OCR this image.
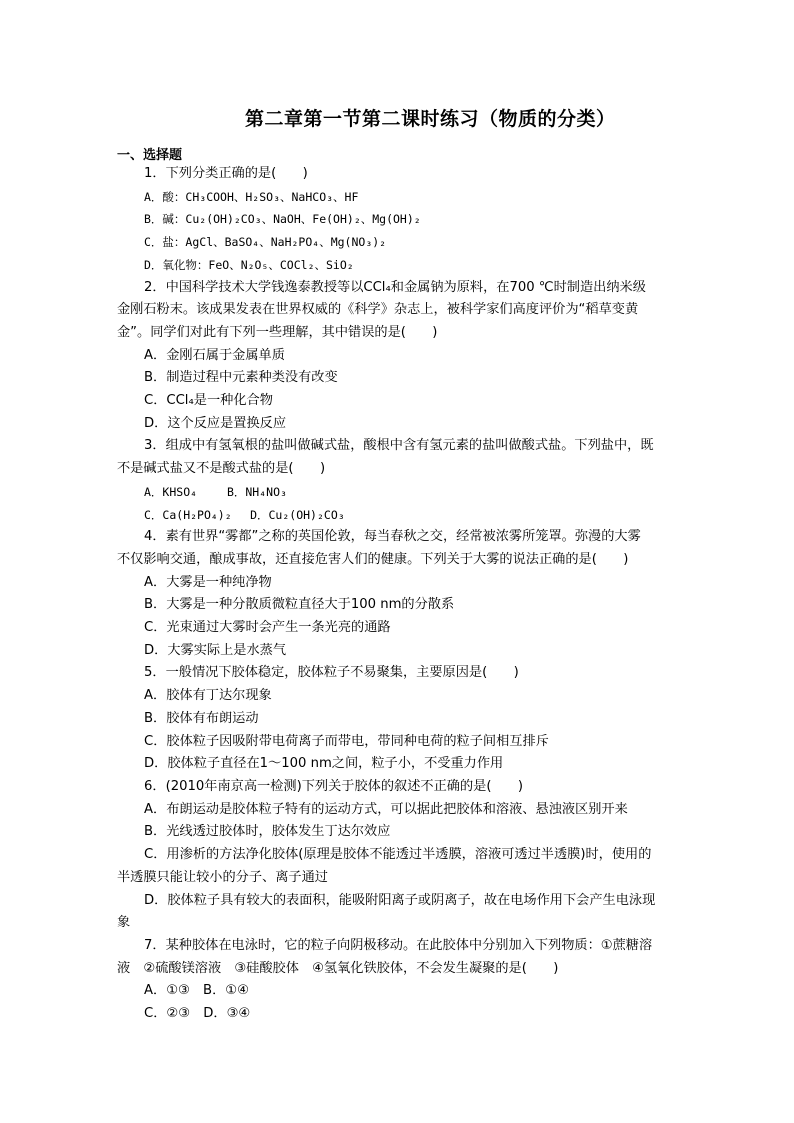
第二章第一节第二课时练习（物质的分类）
一、选择题
1．下列分类正确的是(　　)
A．酸：CH₃COOH、H₂SO₃、NaHCO₃、HF
B．碱：Cu₂(OH)₂CO₃、NaOH、Fe(OH)₂、Mg(OH)₂
C．盐：AgCl、BaSO₄、NaH₂PO₄、Mg(NO₃)₂
D．氧化物：FeO、N₂O₅、COCl₂、SiO₂
2．中国科学技术大学钱逸泰教授等以CCl₄和金属钠为原料，在700 ℃时制造出纳米级
金刚石粉末。该成果发表在世界权威的《科学》杂志上，被科学家们高度评价为“稻草变黄
金”。同学们对此有下列一些理解，其中错误的是(　　)
A．金刚石属于金属单质
B．制造过程中元素种类没有改变
C．CCl₄是一种化合物
D．这个反应是置换反应
3．组成中有氢氧根的盐叫做碱式盐，酸根中含有氢元素的盐叫做酸式盐。下列盐中，既
不是碱式盐又不是酸式盐的是(　　)
A．KHSO₄　　 B．NH₄NO₃
C．Ca(H₂PO₄)₂　 D．Cu₂(OH)₂CO₃
4．素有世界“雾都”之称的英国伦敦，每当春秋之交，经常被浓雾所笼罩。弥漫的大雾
不仅影响交通，酿成事故，还直接危害人们的健康。下列关于大雾的说法正确的是(　　)
A．大雾是一种纯净物
B．大雾是一种分散质微粒直径大于100 nm的分散系
C．光束通过大雾时会产生一条光亮的通路
D．大雾实际上是水蒸气
5．一般情况下胶体稳定，胶体粒子不易聚集，主要原因是(　　)
A．胶体有丁达尔现象
B．胶体有布朗运动
C．胶体粒子因吸附带电荷离子而带电，带同种电荷的粒子间相互排斥
D．胶体粒子直径在1～100 nm之间，粒子小，不受重力作用
6．(2010年南京高一检测)下列关于胶体的叙述不正确的是(　　)
A．布朗运动是胶体粒子特有的运动方式，可以据此把胶体和溶液、悬浊液区别开来
B．光线透过胶体时，胶体发生丁达尔效应
C．用渗析的方法净化胶体(原理是胶体不能透过半透膜，溶液可透过半透膜)时，使用的
半透膜只能让较小的分子、离子通过
D．胶体粒子具有较大的表面积，能吸附阳离子或阴离子，故在电场作用下会产生电泳现
象
7．某种胶体在电泳时，它的粒子向阴极移动。在此胶体中分别加入下列物质：①蔗糖溶
液　②硫酸镁溶液　③硅酸胶体　④氢氧化铁胶体，不会发生凝聚的是(　　)
A．①③　B．①④
C．②③　D．③④
